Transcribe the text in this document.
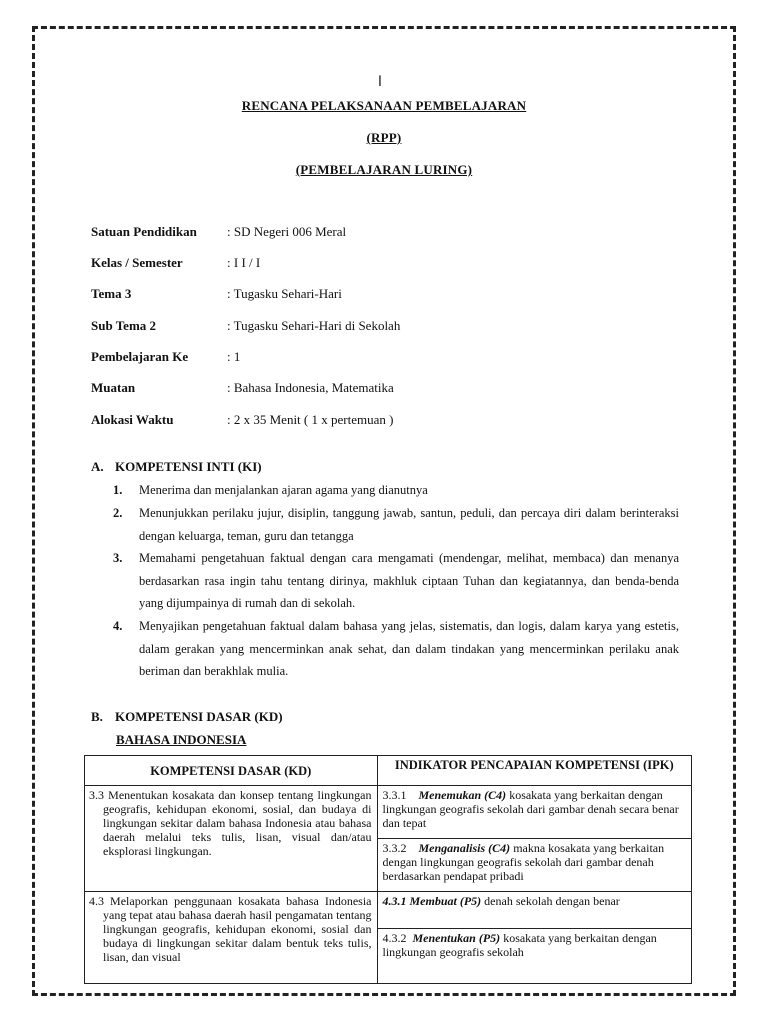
ا
RENCANA PELAKSANAAN PEMBELAJARAN
(RPP)
(PEMBELAJARAN LURING)
Satuan Pendidikan : SD Negeri 006 Meral
Kelas / Semester	: I I / I
Tema 3	: Tugasku Sehari-Hari
Sub Tema 2	: Tugasku Sehari-Hari di Sekolah
Pembelajaran Ke	: 1
Muatan	: Bahasa Indonesia, Matematika
Alokasi Waktu	: 2 x 35 Menit ( 1 x pertemuan )
A. KOMPETENSI INTI (KI)
1. Menerima dan menjalankan ajaran agama yang dianutnya
2. Menunjukkan perilaku jujur, disiplin, tanggung jawab, santun, peduli, dan percaya diri dalam berinteraksi dengan keluarga, teman, guru dan tetangga
3. Memahami pengetahuan faktual dengan cara mengamati (mendengar, melihat, membaca) dan menanya berdasarkan rasa ingin tahu tentang dirinya, makhluk ciptaan Tuhan dan kegiatannya, dan benda-benda yang dijumpainya di rumah dan di sekolah.
4. Menyajikan pengetahuan faktual dalam bahasa yang jelas, sistematis, dan logis, dalam karya yang estetis, dalam gerakan yang mencerminkan anak sehat, dan dalam tindakan yang mencerminkan perilaku anak beriman dan berakhlak mulia.
B. KOMPETENSI DASAR (KD)
BAHASA INDONESIA
KOMPETENSI DASAR (KD)	INDIKATOR PENCAPAIAN KOMPETENSI (IPK)
3.3 Menentukan kosakata dan konsep tentang lingkungan geografis, kehidupan ekonomi, sosial, dan budaya di lingkungan sekitar dalam bahasa Indonesia atau bahasa daerah melalui teks tulis, lisan, visual dan/atau eksplorasi lingkungan.	3.3.1 Menemukan (C4) kosakata yang berkaitan dengan lingkungan geografis sekolah dari gambar denah secara benar dan tepat
	3.3.2 Menganalisis (C4) makna kosakata yang berkaitan dengan lingkungan geografis sekolah dari gambar denah berdasarkan pendapat pribadi
4.3 Melaporkan penggunaan kosakata bahasa Indonesia yang tepat atau bahasa daerah hasil pengamatan tentang lingkungan geografis, kehidupan ekonomi, sosial dan budaya di lingkungan sekitar dalam bentuk teks tulis, lisan, dan visual	4.3.1 Membuat (P5) denah sekolah dengan benar
	4.3.2 Menentukan (P5) kosakata yang berkaitan dengan lingkungan geografis sekolah
